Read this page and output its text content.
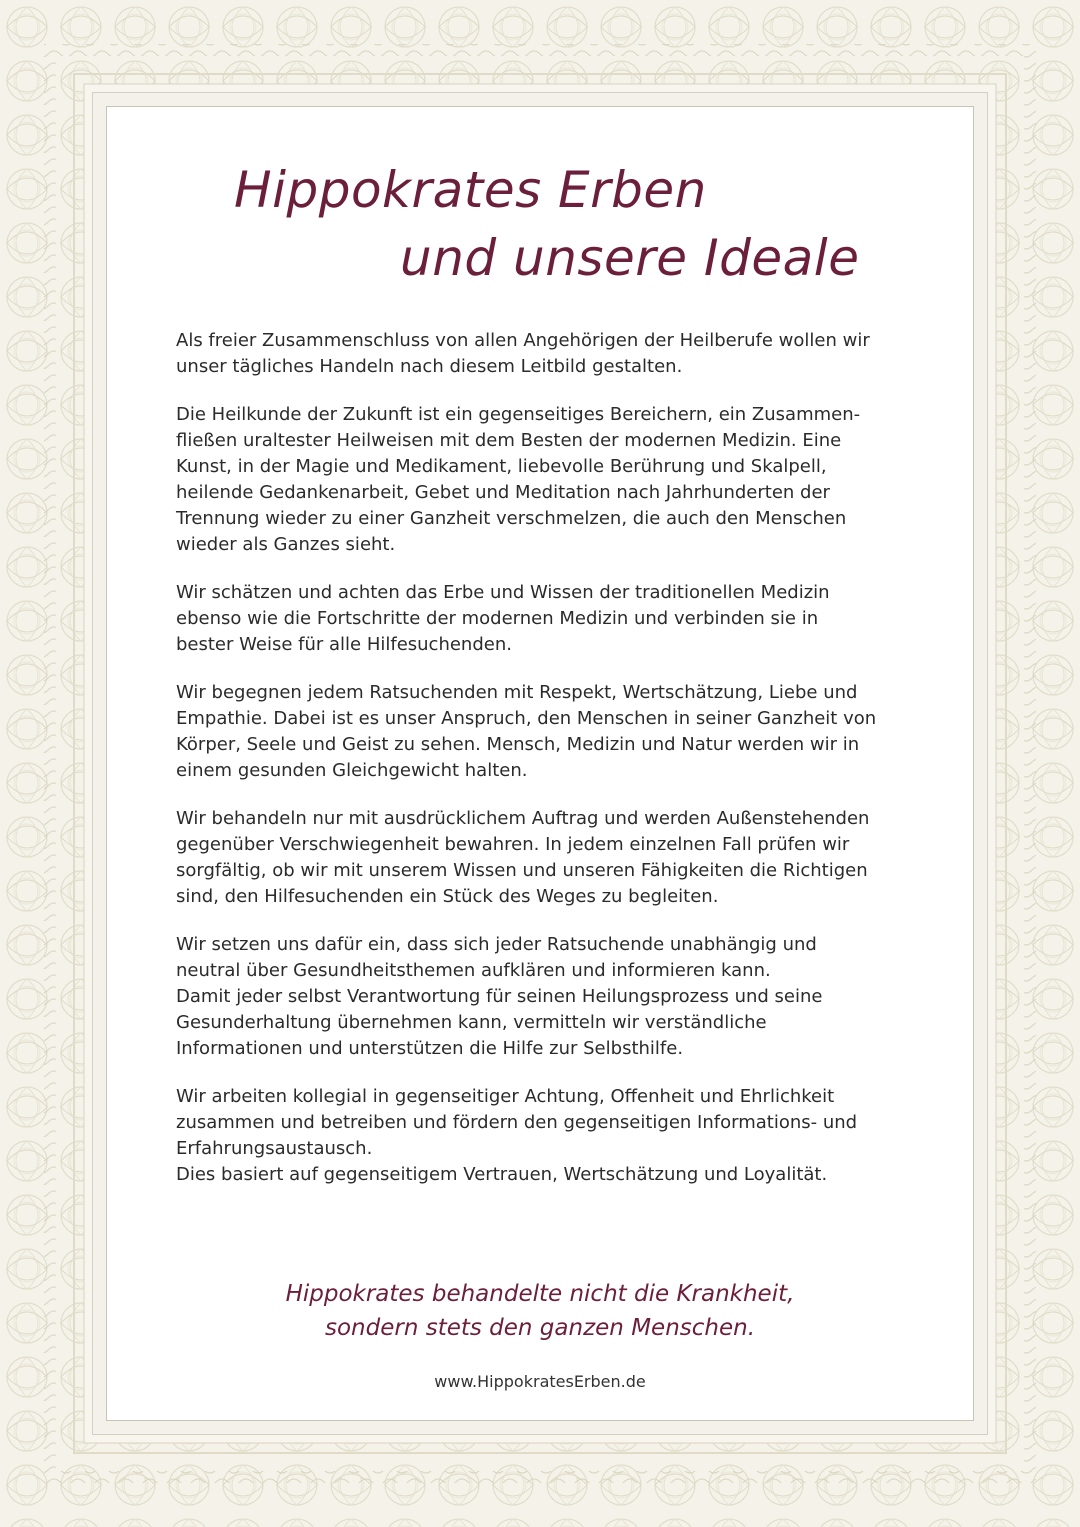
Hippokrates Erben
und unsere Ideale

Als freier Zusammenschluss von allen Angehörigen der Heilberufe wollen wir
unser tägliches Handeln nach diesem Leitbild gestalten.

Die Heilkunde der Zukunft ist ein gegenseitiges Bereichern, ein Zusammen-
fließen uraltester Heilweisen mit dem Besten der modernen Medizin. Eine
Kunst, in der Magie und Medikament, liebevolle Berührung und Skalpell,
heilende Gedankenarbeit, Gebet und Meditation nach Jahrhunderten der
Trennung wieder zu einer Ganzheit verschmelzen, die auch den Menschen
wieder als Ganzes sieht.

Wir schätzen und achten das Erbe und Wissen der traditionellen Medizin
ebenso wie die Fortschritte der modernen Medizin und verbinden sie in
bester Weise für alle Hilfesuchenden.

Wir begegnen jedem Ratsuchenden mit Respekt, Wertschätzung, Liebe und
Empathie. Dabei ist es unser Anspruch, den Menschen in seiner Ganzheit von
Körper, Seele und Geist zu sehen. Mensch, Medizin und Natur werden wir in
einem gesunden Gleichgewicht halten.

Wir behandeln nur mit ausdrücklichem Auftrag und werden Außenstehenden
gegenüber Verschwiegenheit bewahren. In jedem einzelnen Fall prüfen wir
sorgfältig, ob wir mit unserem Wissen und unseren Fähigkeiten die Richtigen
sind, den Hilfesuchenden ein Stück des Weges zu begleiten.

Wir setzen uns dafür ein, dass sich jeder Ratsuchende unabhängig und
neutral über Gesundheitsthemen aufklären und informieren kann.
Damit jeder selbst Verantwortung für seinen Heilungsprozess und seine
Gesunderhaltung übernehmen kann, vermitteln wir verständliche
Informationen und unterstützen die Hilfe zur Selbsthilfe.

Wir arbeiten kollegial in gegenseitiger Achtung, Offenheit und Ehrlichkeit
zusammen und betreiben und fördern den gegenseitigen Informations- und
Erfahrungsaustausch.
Dies basiert auf gegenseitigem Vertrauen, Wertschätzung und Loyalität.

Hippokrates behandelte nicht die Krankheit,
sondern stets den ganzen Menschen.
www.HippokratesErben.de
